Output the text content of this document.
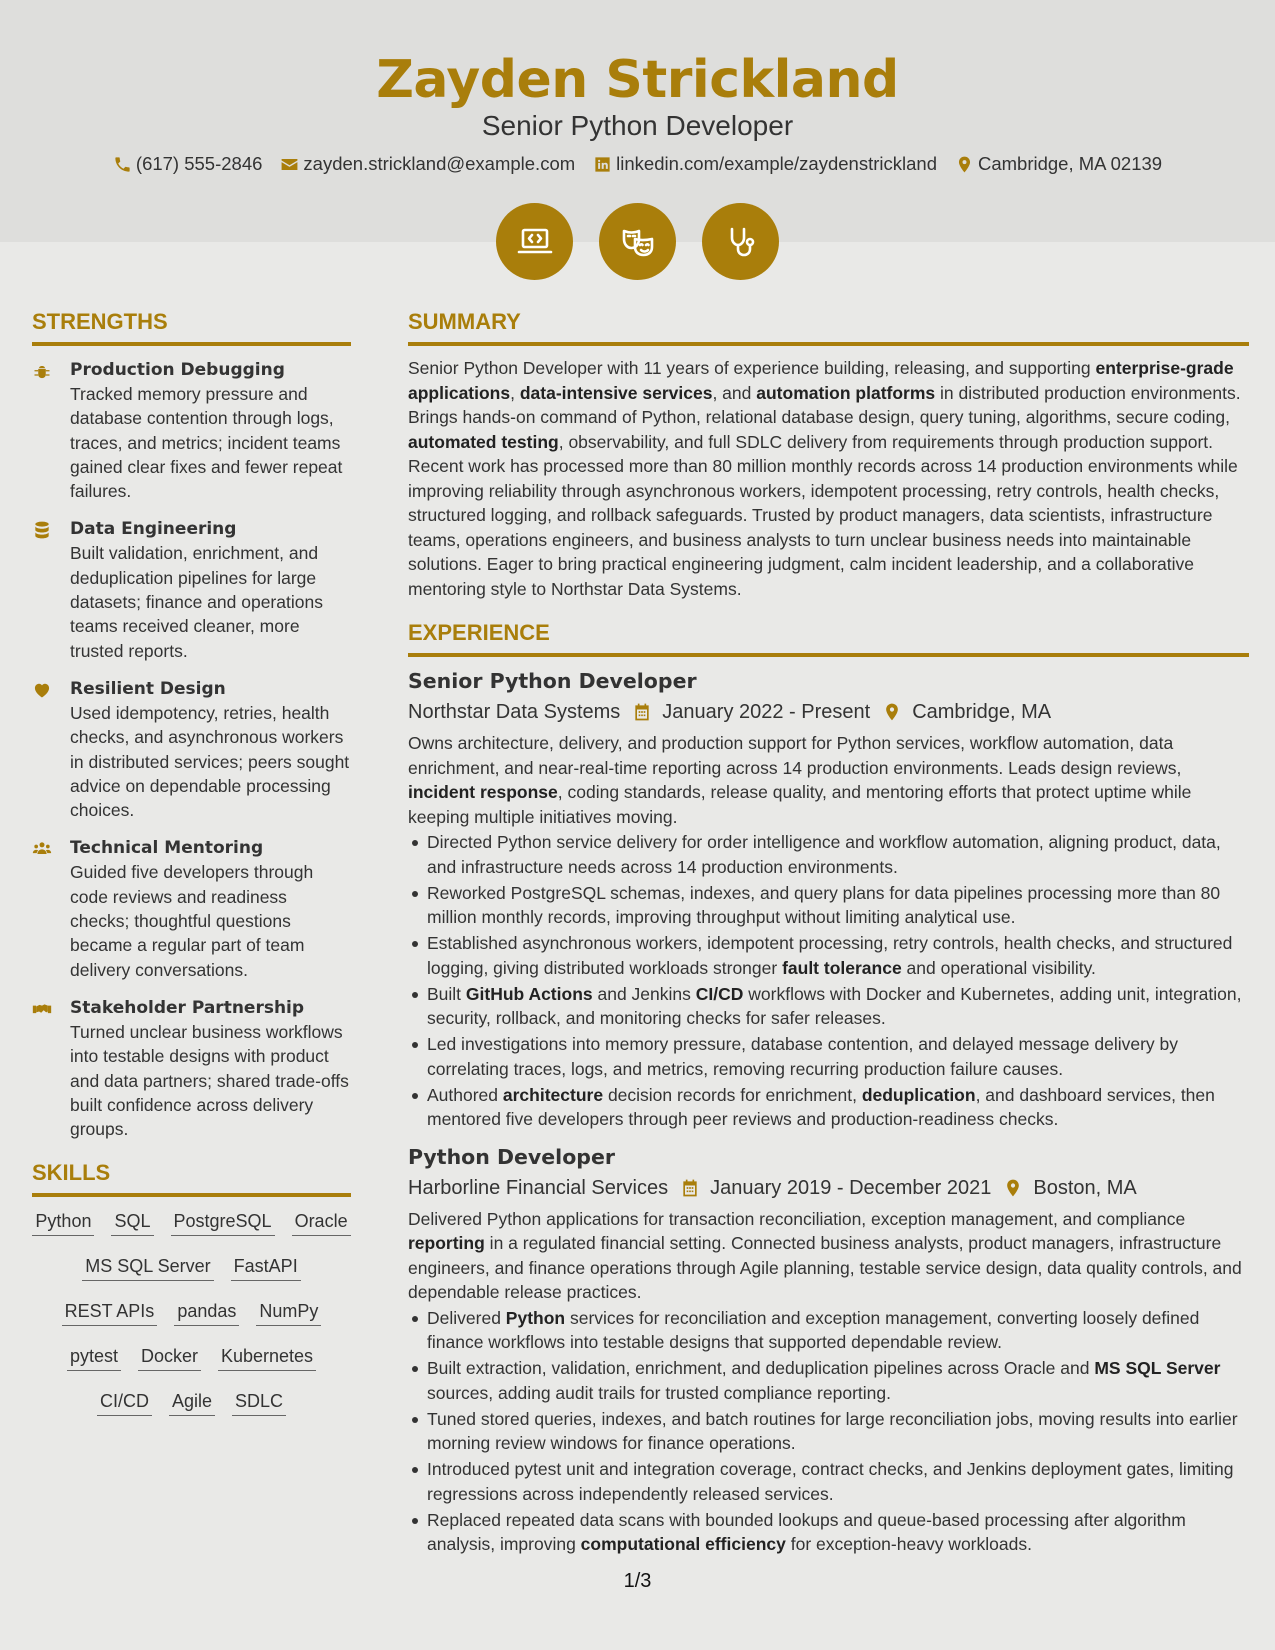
Zayden Strickland
Senior Python Developer
(617) 555-2846 zayden.strickland@example.com linkedin.com/example/zaydenstrickland Cambridge, MA 02139
STRENGTHS
Production Debugging
Tracked memory pressure and database contention through logs, traces, and metrics; incident teams gained clear fixes and fewer repeat failures.
Data Engineering
Built validation, enrichment, and deduplication pipelines for large datasets; finance and operations teams received cleaner, more trusted reports.
Resilient Design
Used idempotency, retries, health checks, and asynchronous workers in distributed services; peers sought advice on dependable processing choices.
Technical Mentoring
Guided five developers through code reviews and readiness checks; thoughtful questions became a regular part of team delivery conversations.
Stakeholder Partnership
Turned unclear business workflows into testable designs with product and data partners; shared trade-offs built confidence across delivery groups.
SKILLS
Python SQL PostgreSQL Oracle
MS SQL Server FastAPI
REST APIs pandas NumPy
pytest Docker Kubernetes
CI/CD Agile SDLC
SUMMARY

Senior Python Developer with 11 years of experience building, releasing, and supporting enterprise-grade applications, data-intensive services, and automation platforms in distributed production environments. Brings hands-on command of Python, relational database design, query tuning, algorithms, secure coding, automated testing, observability, and full SDLC delivery from requirements through production support. Recent work has processed more than 80 million monthly records across 14 production environments while improving reliability through asynchronous workers, idempotent processing, retry controls, health checks, structured logging, and rollback safeguards. Trusted by product managers, data scientists, infrastructure teams, operations engineers, and business analysts to turn unclear business needs into maintainable solutions. Eager to bring practical engineering judgment, calm incident leadership, and a collaborative mentoring style to Northstar Data Systems.

EXPERIENCE
Senior Python Developer
Northstar Data Systems January 2022 - Present Cambridge, MA

Owns architecture, delivery, and production support for Python services, workflow automation, data enrichment, and near-real-time reporting across 14 production environments. Leads design reviews, incident response, coding standards, release quality, and mentoring efforts that protect uptime while keeping multiple initiatives moving.

Directed Python service delivery for order intelligence and workflow automation, aligning product, data, and infrastructure needs across 14 production environments.
Reworked PostgreSQL schemas, indexes, and query plans for data pipelines processing more than 80 million monthly records, improving throughput without limiting analytical use.
Established asynchronous workers, idempotent processing, retry controls, health checks, and structured logging, giving distributed workloads stronger fault tolerance and operational visibility.
Built GitHub Actions and Jenkins CI/CD workflows with Docker and Kubernetes, adding unit, integration, security, rollback, and monitoring checks for safer releases.
Led investigations into memory pressure, database contention, and delayed message delivery by correlating traces, logs, and metrics, removing recurring production failure causes.
Authored architecture decision records for enrichment, deduplication, and dashboard services, then mentored five developers through peer reviews and production-readiness checks.
Python Developer
Harborline Financial Services January 2019 - December 2021 Boston, MA

Delivered Python applications for transaction reconciliation, exception management, and compliance reporting in a regulated financial setting. Connected business analysts, product managers, infrastructure engineers, and finance operations through Agile planning, testable service design, data quality controls, and dependable release practices.

Delivered Python services for reconciliation and exception management, converting loosely defined finance workflows into testable designs that supported dependable review.
Built extraction, validation, enrichment, and deduplication pipelines across Oracle and MS SQL Server sources, adding audit trails for trusted compliance reporting.
Tuned stored queries, indexes, and batch routines for large reconciliation jobs, moving results into earlier morning review windows for finance operations.
Introduced pytest unit and integration coverage, contract checks, and Jenkins deployment gates, limiting regressions across independently released services.
Replaced repeated data scans with bounded lookups and queue-based processing after algorithm analysis, improving computational efficiency for exception-heavy workloads.
1/3
